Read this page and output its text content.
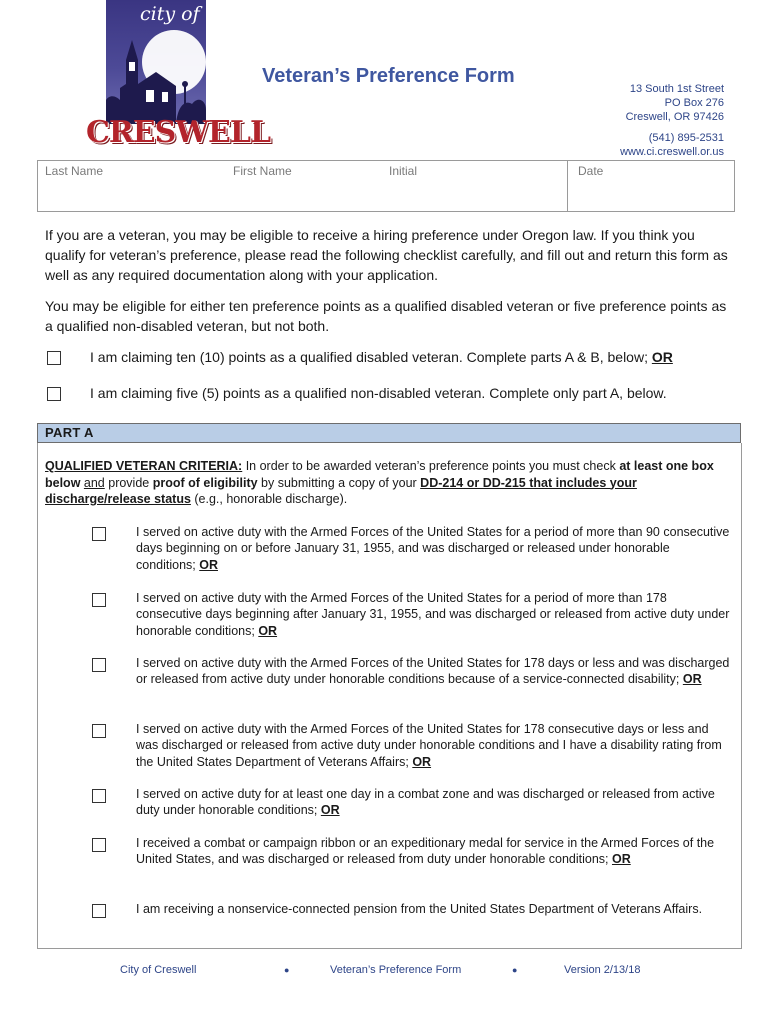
city of
CRESWELL
Veteran’s Preference Form
13 South 1st Street
PO Box 276
Creswell, OR 97426
(541) 895-2531
www.ci.creswell.or.us
Last Name	First Name	Initial	Date
If you are a veteran, you may be eligible to receive a hiring preference under Oregon law. If you think you qualify for veteran’s preference, please read the following checklist carefully, and fill out and return this form as well as any required documentation along with your application.
You may be eligible for either ten preference points as a qualified disabled veteran or five preference points as a qualified non-disabled veteran, but not both.
I am claiming ten (10) points as a qualified disabled veteran. Complete parts A & B, below; OR
I am claiming five (5) points as a qualified non-disabled veteran. Complete only part A, below.
PART A
QUALIFIED VETERAN CRITERIA: In order to be awarded veteran’s preference points you must check at least one box below and provide proof of eligibility by submitting a copy of your DD-214 or DD-215 that includes your discharge/release status (e.g., honorable discharge).
I served on active duty with the Armed Forces of the United States for a period of more than 90 consecutive days beginning on or before January 31, 1955, and was discharged or released under honorable conditions; OR
I served on active duty with the Armed Forces of the United States for a period of more than 178 consecutive days beginning after January 31, 1955, and was discharged or released from active duty under honorable conditions; OR
I served on active duty with the Armed Forces of the United States for 178 days or less and was discharged or released from active duty under honorable conditions because of a service-connected disability; OR
I served on active duty with the Armed Forces of the United States for 178 consecutive days or less and was discharged or released from active duty under honorable conditions and I have a disability rating from the United States Department of Veterans Affairs; OR
I served on active duty for at least one day in a combat zone and was discharged or released from active duty under honorable conditions; OR
I received a combat or campaign ribbon or an expeditionary medal for service in the Armed Forces of the United States, and was discharged or released from duty under honorable conditions; OR
I am receiving a nonservice-connected pension from the United States Department of Veterans Affairs.
City of Creswell	●	Veteran’s Preference Form	●	Version 2/13/18
